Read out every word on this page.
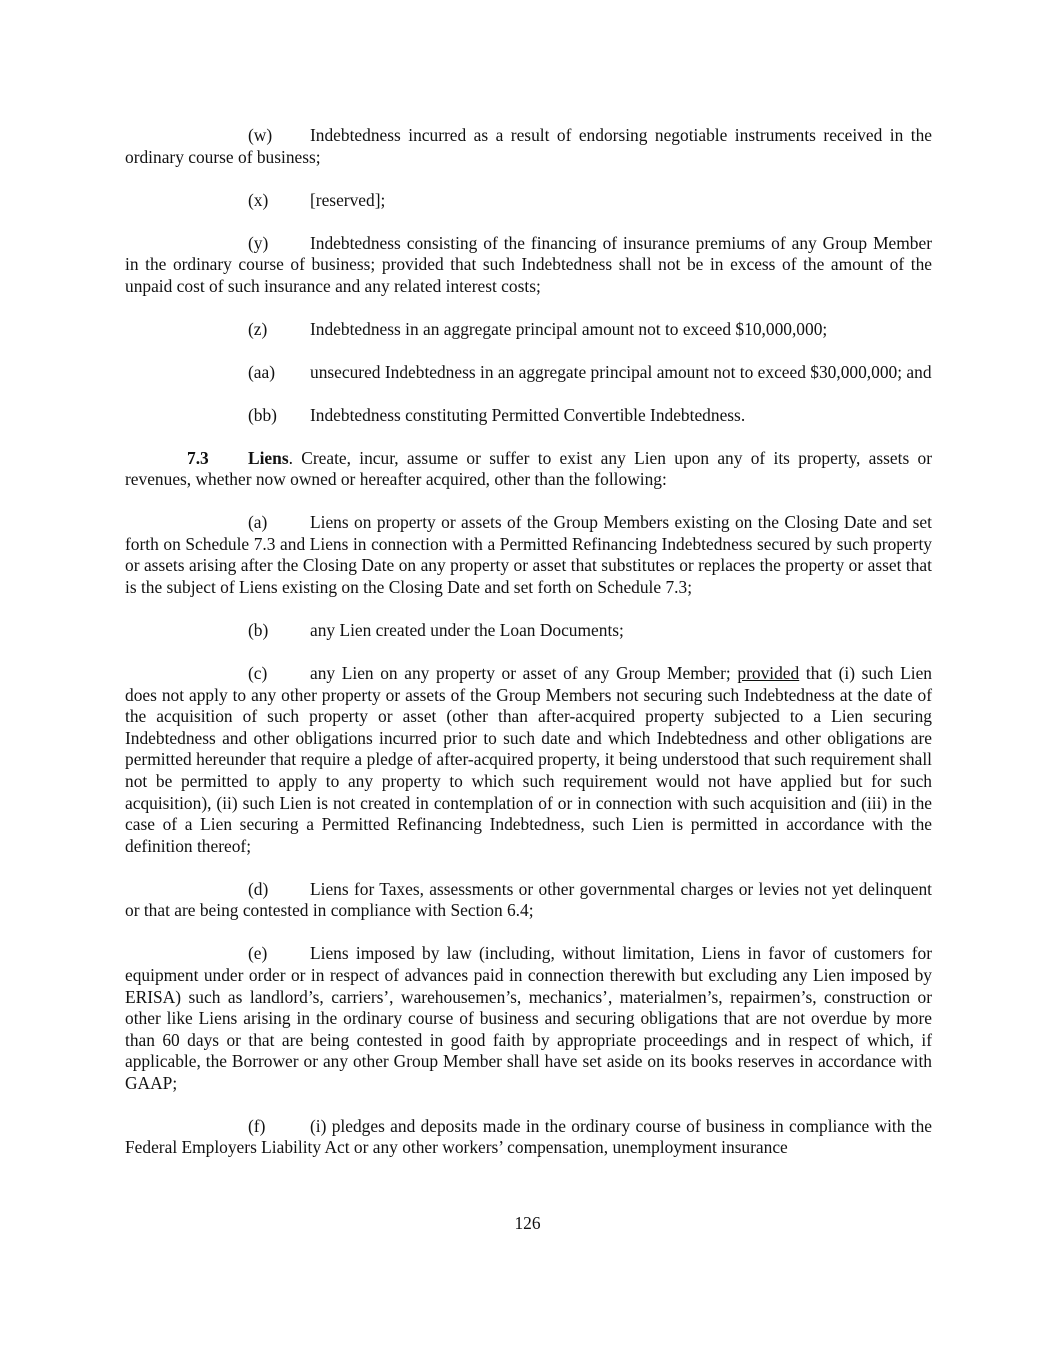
(w) Indebtedness incurred as a result of endorsing negotiable instruments received in the ordinary course of business;

(x) [reserved];

(y) Indebtedness consisting of the financing of insurance premiums of any Group Member in the ordinary course of business; provided that such Indebtedness shall not be in excess of the amount of the unpaid cost of such insurance and any related interest costs;

(z) Indebtedness in an aggregate principal amount not to exceed $10,000,000;

(aa) unsecured Indebtedness in an aggregate principal amount not to exceed $30,000,000; and

(bb) Indebtedness constituting Permitted Convertible Indebtedness.

7.3 Liens. Create, incur, assume or suffer to exist any Lien upon any of its property, assets or revenues, whether now owned or hereafter acquired, other than the following:

(a) Liens on property or assets of the Group Members existing on the Closing Date and set forth on Schedule 7.3 and Liens in connection with a Permitted Refinancing Indebtedness secured by such property or assets arising after the Closing Date on any property or asset that substitutes or replaces the property or asset that is the subject of Liens existing on the Closing Date and set forth on Schedule 7.3;

(b) any Lien created under the Loan Documents;

(c) any Lien on any property or asset of any Group Member; provided that (i) such Lien does not apply to any other property or assets of the Group Members not securing such Indebtedness at the date of the acquisition of such property or asset (other than after-acquired property subjected to a Lien securing Indebtedness and other obligations incurred prior to such date and which Indebtedness and other obligations are permitted hereunder that require a pledge of after-acquired property, it being understood that such requirement shall not be permitted to apply to any property to which such requirement would not have applied but for such acquisition), (ii) such Lien is not created in contemplation of or in connection with such acquisition and (iii) in the case of a Lien securing a Permitted Refinancing Indebtedness, such Lien is permitted in accordance with the definition thereof;

(d) Liens for Taxes, assessments or other governmental charges or levies not yet delinquent or that are being contested in compliance with Section 6.4;

(e) Liens imposed by law (including, without limitation, Liens in favor of customers for equipment under order or in respect of advances paid in connection therewith but excluding any Lien imposed by ERISA) such as landlord’s, carriers’, warehousemen’s, mechanics’, materialmen’s, repairmen’s, construction or other like Liens arising in the ordinary course of business and securing obligations that are not overdue by more than 60 days or that are being contested in good faith by appropriate proceedings and in respect of which, if applicable, the Borrower or any other Group Member shall have set aside on its books reserves in accordance with GAAP;

(f)	(i) pledges and deposits made in the ordinary course of business in compliance with the Federal Employers Liability Act or any other workers’ compensation, unemployment insurance

126
